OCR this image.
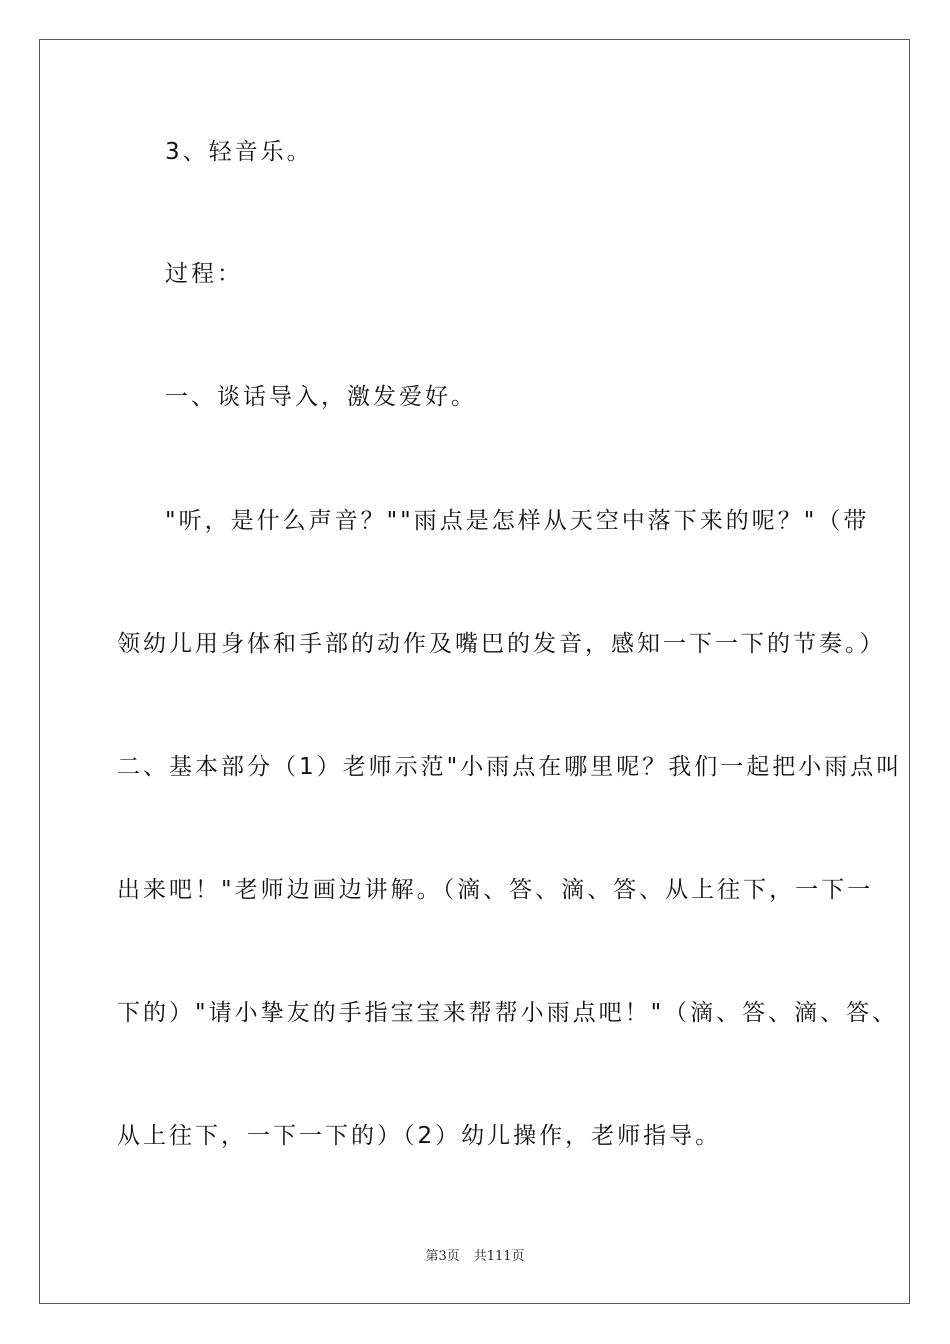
3、轻音乐。
过程：
一、谈话导入，激发爱好。
"听，是什么声音？""雨点是怎样从天空中落下来的呢？"（带
领幼儿用身体和手部的动作及嘴巴的发音，感知一下一下的节奏。）
二、基本部分（1）老师示范"小雨点在哪里呢？我们一起把小雨点叫
出来吧！"老师边画边讲解。（滴、答、滴、答、从上往下，一下一
下的）"请小挚友的手指宝宝来帮帮小雨点吧！"（滴、答、滴、答、
从上往下，一下一下的）（2）幼儿操作，老师指导。
第3页 共111页
